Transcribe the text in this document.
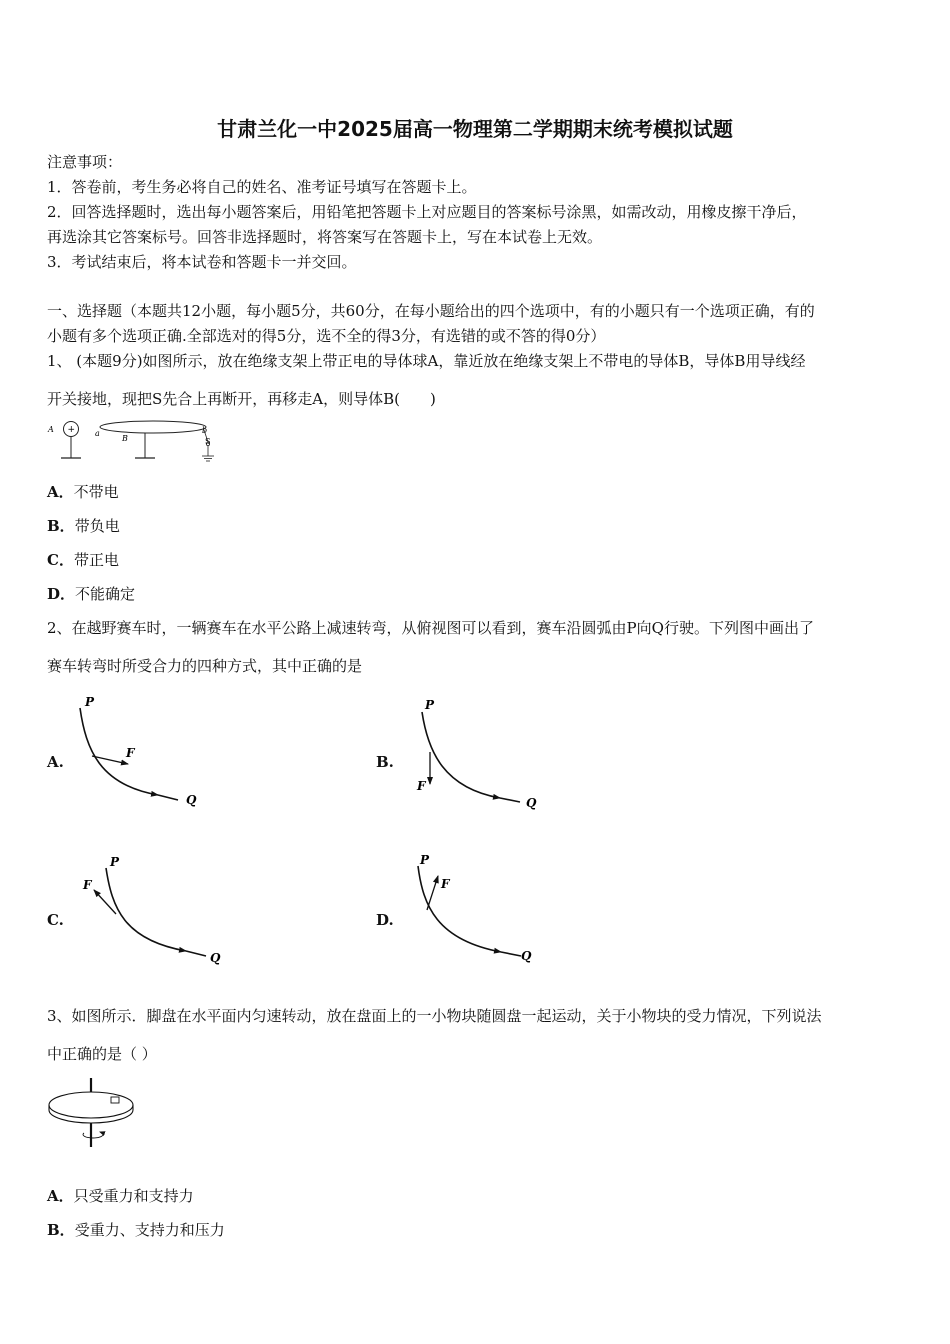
甘肃兰化一中2025届高一物理第二学期期末统考模拟试题
注意事项：
1．答卷前，考生务必将自己的姓名、准考证号填写在答题卡上。
2．回答选择题时，选出每小题答案后，用铅笔把答题卡上对应题目的答案标号涂黑，如需改动，用橡皮擦干净后，
再选涂其它答案标号。回答非选择题时，将答案写在答题卡上，写在本试卷上无效。
3．考试结束后，将本试卷和答题卡一并交回。
一、选择题（本题共12小题，每小题5分，共60分，在每小题给出的四个选项中，有的小题只有一个选项正确，有的
小题有多个选项正确.全部选对的得5分，选不全的得3分，有选错的或不答的得0分）
1、 (本题9分)如图所示，放在绝缘支架上带正电的导体球A，靠近放在绝缘支架上不带电的导体B，导体B用导线经
开关接地，现把S先合上再断开，再移走A，则导体B(　　)
A + a
B
b
S
A．不带电
B．带负电
C．带正电
D．不能确定
2、在越野赛车时，一辆赛车在水平公路上减速转弯，从俯视图可以看到，赛车沿圆弧由P向Q行驶。下列图中画出了
赛车转弯时所受合力的四种方式，其中正确的是
A.
P
Q
F	B.
P
Q
F
C.
P
Q
F
D.
P
Q
F
3、如图所示．脚盘在水平面内匀速转动，放在盘面上的一小物块随圆盘一起运动，关于小物块的受力情况，下列说法
中正确的是（ ）
A．只受重力和支持力
B．受重力、支持力和压力
